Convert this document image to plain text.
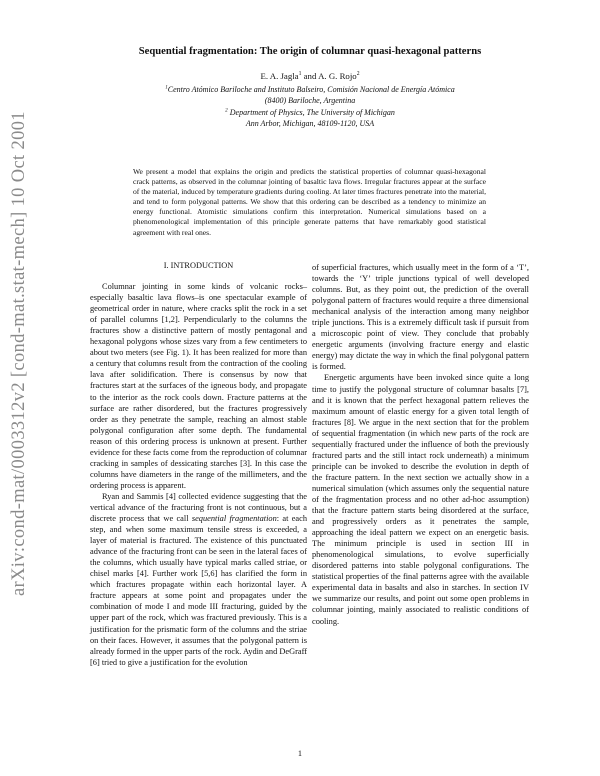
arXiv:cond-mat/0003312v2 [cond-mat.stat-mech] 10 Oct 2001
Sequential fragmentation: The origin of columnar quasi-hexagonal patterns
E. A. Jagla$^1$ and A. G. Rojo$^2$
$^1$Centro Atómico Bariloche and Instituto Balseiro, Comisión Nacional de Energía Atómica
(8400) Bariloche, Argentina
$^2$ Department of Physics, The University of Michigan
Ann Arbor, Michigan, 48109-1120, USA

We present a model that explains the origin and predicts the statistical properties of columnar quasi-hexagonal crack patterns, as observed in the columnar jointing of basaltic lava flows. Irregular fractures appear at the surface of the material, induced by temperature gradients during cooling. At later times fractures penetrate into the material, and tend to form polygonal patterns. We show that this ordering can be described as a tendency to minimize an energy functional. Atomistic simulations confirm this interpretation. Numerical simulations based on a phenomenological implementation of this principle generate patterns that have remarkably good statistical agreement with real ones.

I. INTRODUCTION

Columnar jointing in some kinds of volcanic rocks–especially basaltic lava flows–is one spectacular example of geometrical order in nature, where cracks split the rock in a set of parallel columns [1,2]. Perpendicularly to the columns the fractures show a distinctive pattern of mostly pentagonal and hexagonal polygons whose sizes vary from a few centimeters to about two meters (see Fig. 1). It has been realized for more than a century that columns result from the contraction of the cooling lava after solidification. There is consensus by now that fractures start at the surfaces of the igneous body, and propagate to the interior as the rock cools down. Fracture patterns at the surface are rather disordered, but the fractures progressively order as they penetrate the sample, reaching an almost stable polygonal configuration after some depth. The fundamental reason of this ordering process is unknown at present. Further evidence for these facts come from the reproduction of columnar cracking in samples of dessicating starches [3]. In this case the columns have diameters in the range of the millimeters, and the ordering process is apparent.

Ryan and Sammis [4] collected evidence suggesting that the vertical advance of the fracturing front is not continuous, but a discrete process that we call sequential fragmentation: at each step, and when some maximum tensile stress is exceeded, a layer of material is fractured. The existence of this punctuated advance of the fracturing front can be seen in the lateral faces of the columns, which usually have typical marks called striae, or chisel marks [4]. Further work [5,6] has clarified the form in which fractures propagate within each horizontal layer. A fracture appears at some point and propagates under the combination of mode I and mode III fracturing, guided by the upper part of the rock, which was fractured previously. This is a justification for the prismatic form of the columns and the striae on their faces. However, it assumes that the polygonal pattern is already formed in the upper parts of the rock. Aydin and DeGraff [6] tried to give a justification for the evolution

of superficial fractures, which usually meet in the form of a ‘T’, towards the ‘Y’ triple junctions typical of well developed columns. But, as they point out, the prediction of the overall polygonal pattern of fractures would require a three dimensional mechanical analysis of the interaction among many neighbor triple junctions. This is a extremely difficult task if pursuit from a microscopic point of view. They conclude that probably energetic arguments (involving fracture energy and elastic energy) may dictate the way in which the final polygonal pattern is formed.

Energetic arguments have been invoked since quite a long time to justify the polygonal structure of columnar basalts [7], and it is known that the perfect hexagonal pattern relieves the maximum amount of elastic energy for a given total length of fractures [8]. We argue in the next section that for the problem of sequential fragmentation (in which new parts of the rock are sequentially fractured under the influence of both the previously fractured parts and the still intact rock underneath) a minimum principle can be invoked to describe the evolution in depth of the fracture pattern. In the next section we actually show in a numerical simulation (which assumes only the sequential nature of the fragmentation process and no other ad-hoc assumption) that the fracture pattern starts being disordered at the surface, and progressively orders as it penetrates the sample, approaching the ideal pattern we expect on an energetic basis. The minimum principle is used in section III in phenomenological simulations, to evolve superficially disordered patterns into stable polygonal configurations. The statistical properties of the final patterns agree with the available experimental data in basalts and also in starches. In section IV we summarize our results, and point out some open problems in columnar jointing, mainly associated to realistic conditions of cooling.

1
